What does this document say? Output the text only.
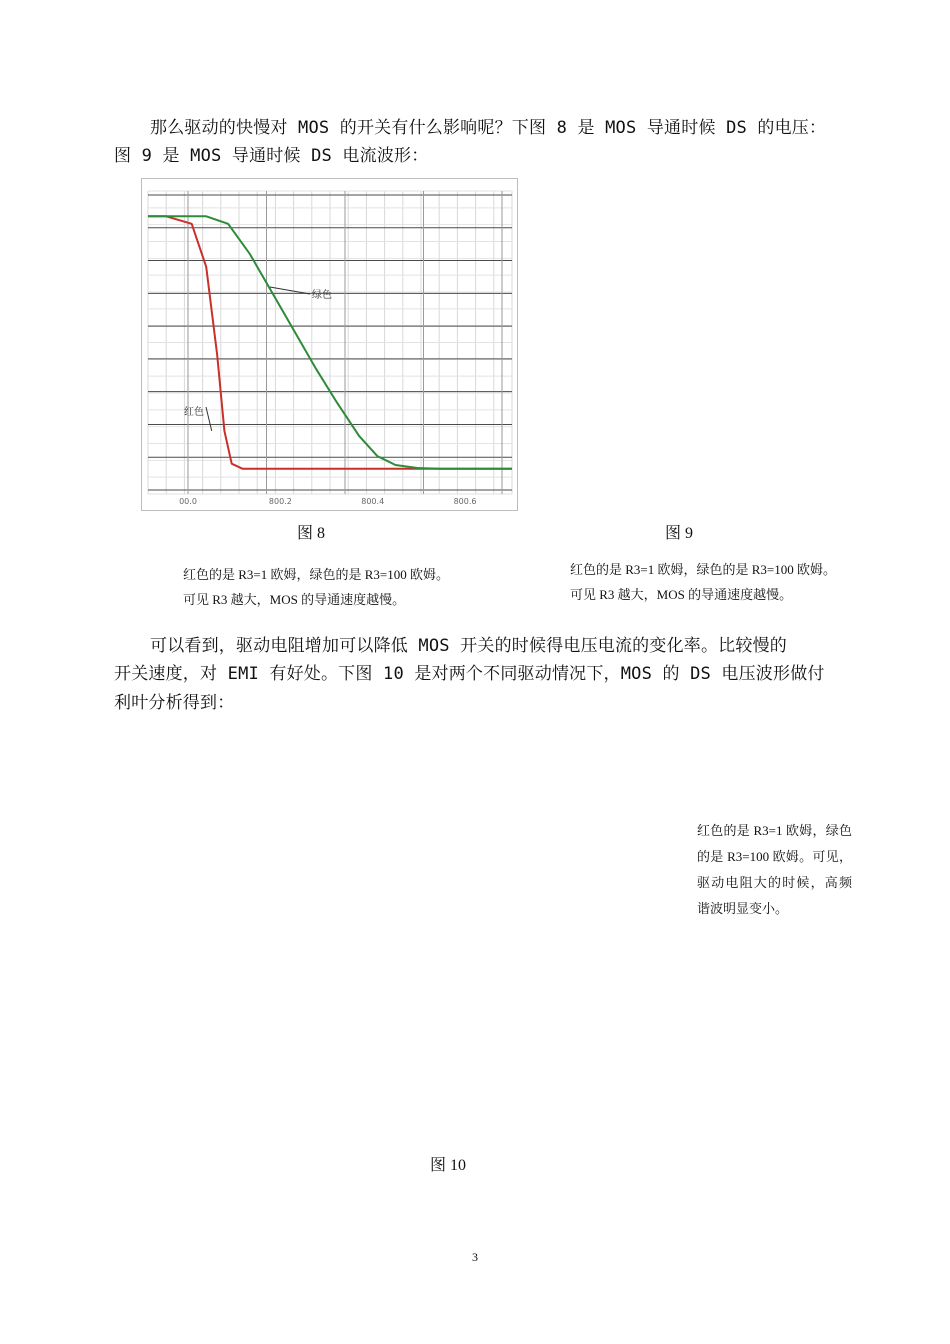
那么驱动的快慢对 MOS 的开关有什么影响呢？下图 8 是 MOS 导通时候 DS 的电压：
图 9 是 MOS 导通时候 DS 电流波形：
绿色
红色
00.0	800.2	800.4	800.6
图 8	图 9
红色的是 R3=1 欧姆，绿色的是 R3=100 欧姆。
可见 R3 越大，MOS 的导通速度越慢。
红色的是 R3=1 欧姆，绿色的是 R3=100 欧姆。
可见 R3 越大，MOS 的导通速度越慢。
可以看到，驱动电阻增加可以降低 MOS 开关的时候得电压电流的变化率。比较慢的
开关速度，对 EMI 有好处。下图 10 是对两个不同驱动情况下，MOS 的 DS 电压波形做付
利叶分析得到：
红色的是 R3=1 欧姆，绿色的是 R3=100 欧姆。可见，驱动电阻大的时候，高频谐波明显变小。
图 10
3
